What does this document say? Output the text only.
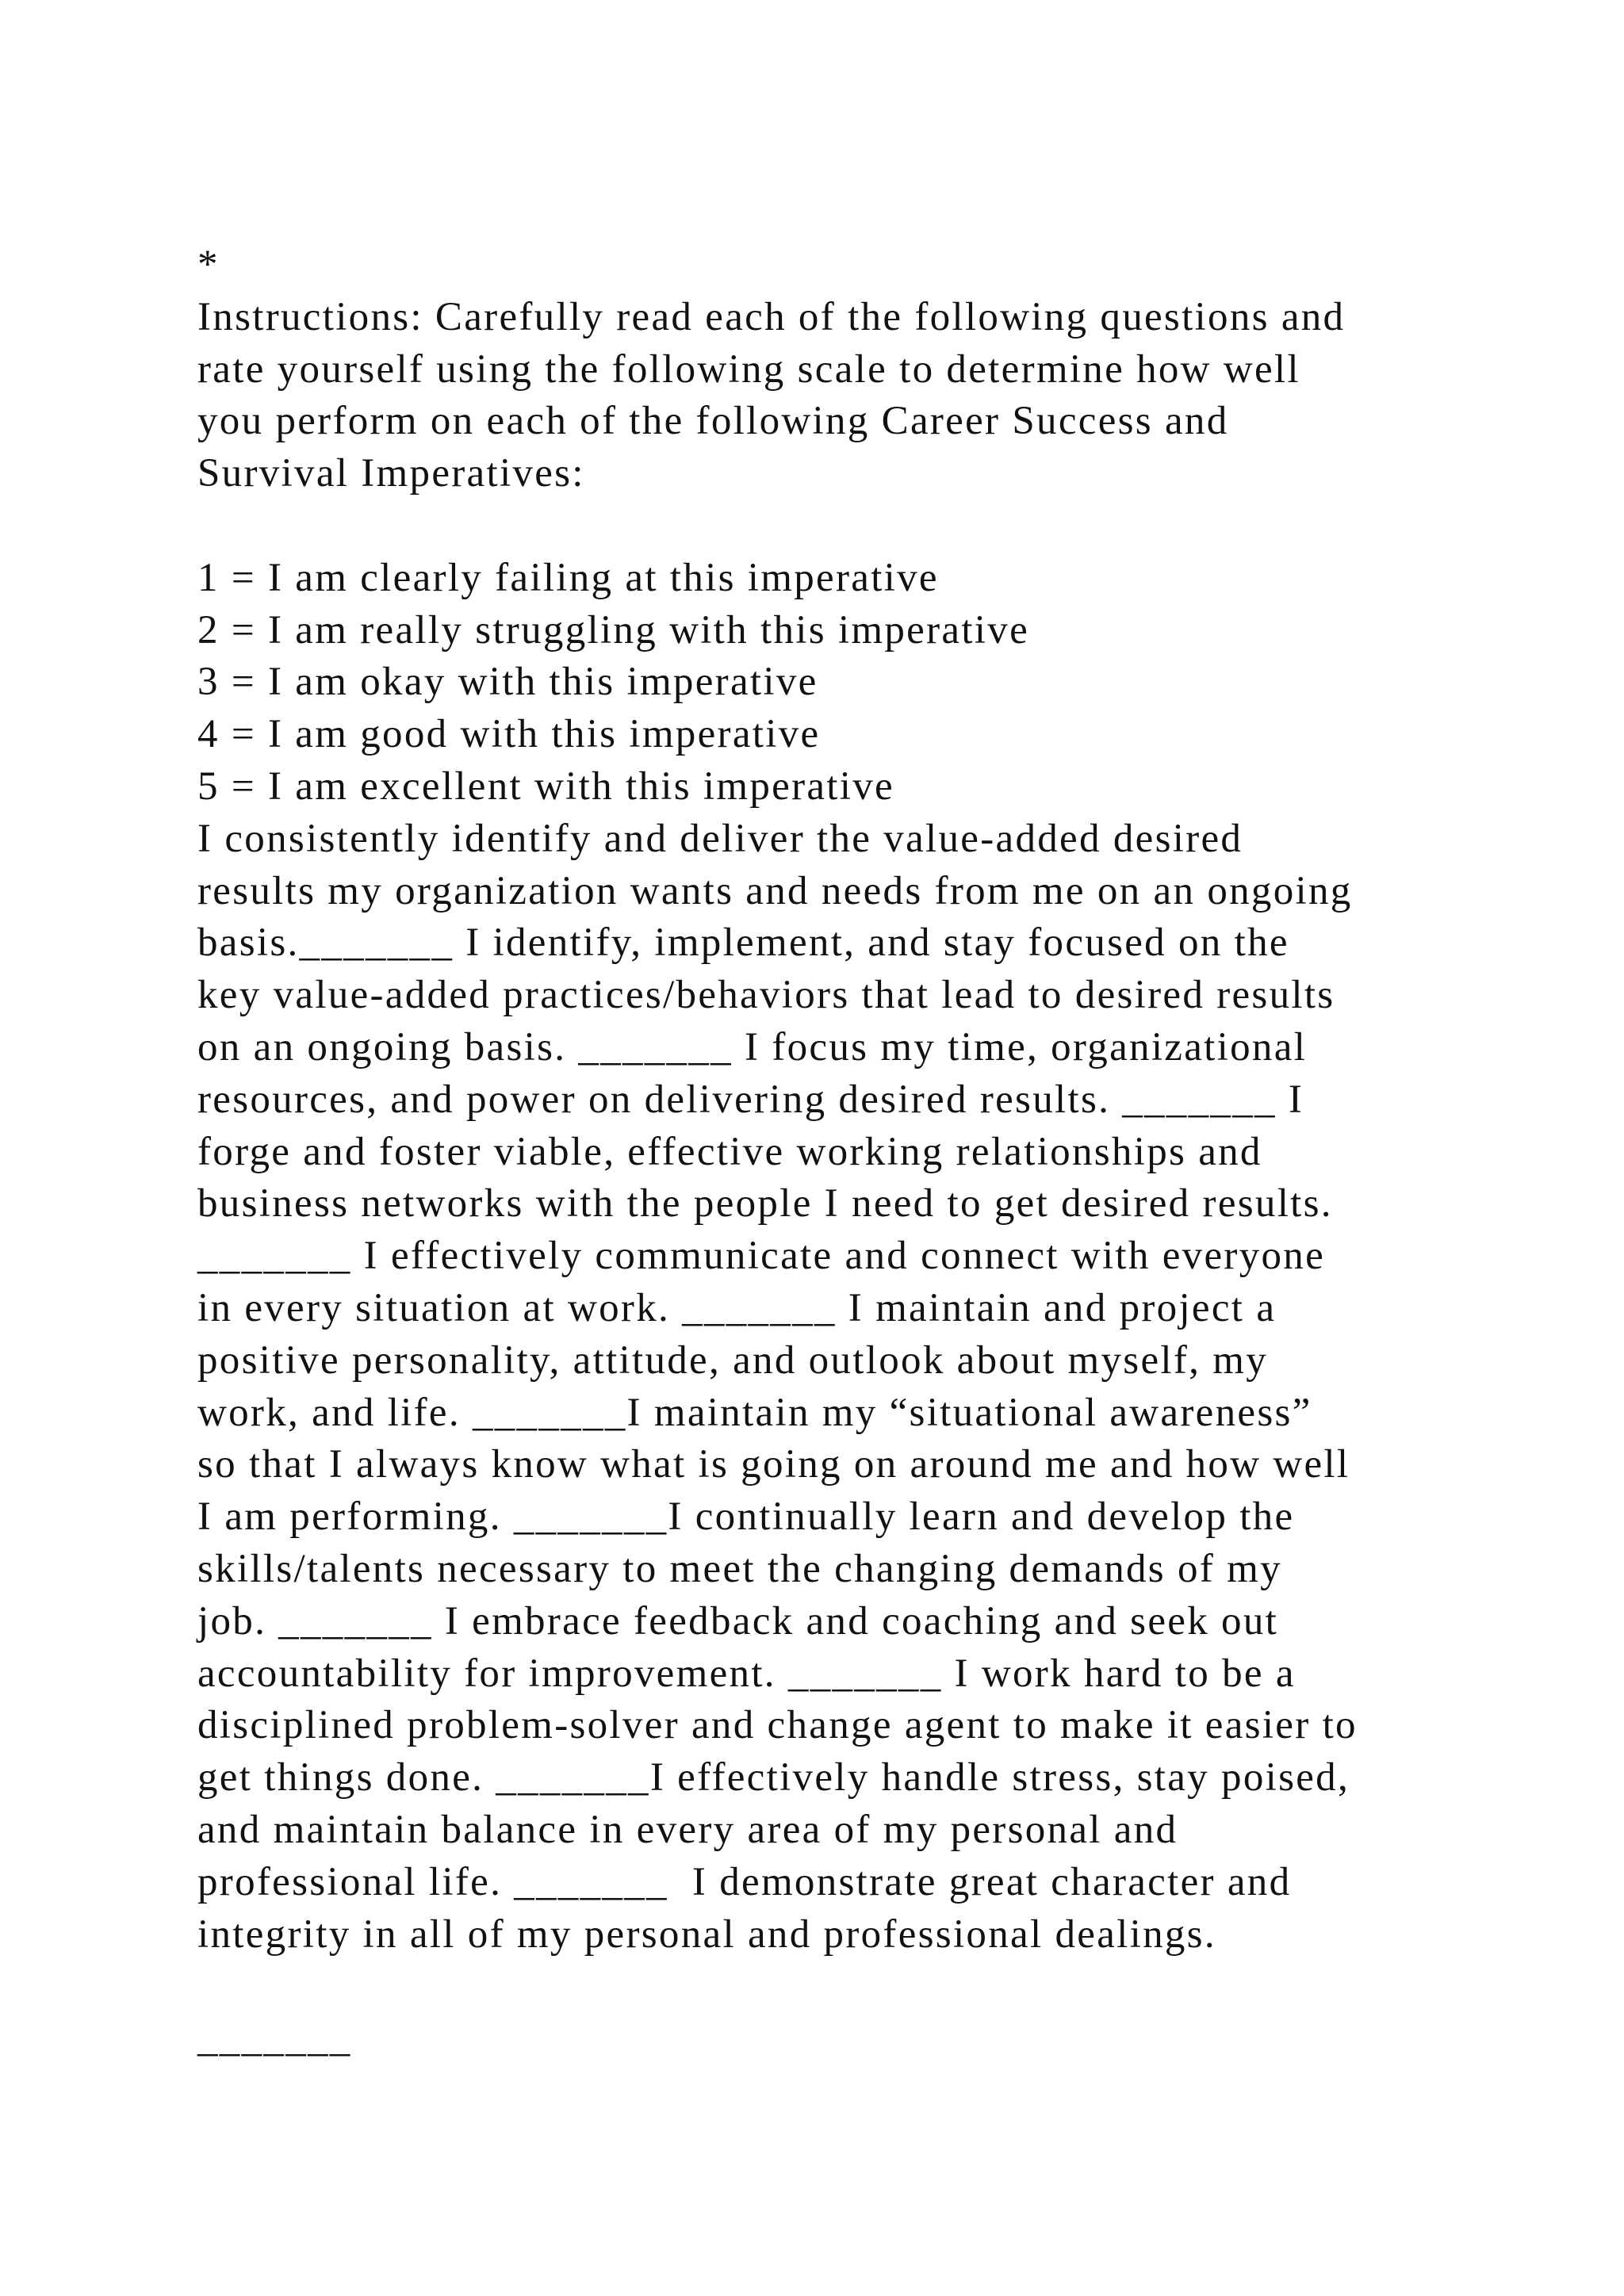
*
Instructions: Carefully read each of the following questions and
rate yourself using the following scale to determine how well
you perform on each of the following Career Success and
Survival Imperatives:
1 = I am clearly failing at this imperative
2 = I am really struggling with this imperative
3 = I am okay with this imperative
4 = I am good with this imperative
5 = I am excellent with this imperative
I consistently identify and deliver the value-added desired
results my organization wants and needs from me on an ongoing
basis._______ I identify, implement, and stay focused on the
key value-added practices/behaviors that lead to desired results
on an ongoing basis. _______ I focus my time, organizational
resources, and power on delivering desired results. _______ I
forge and foster viable, effective working relationships and
business networks with the people I need to get desired results.
_______ I effectively communicate and connect with everyone
in every situation at work. _______ I maintain and project a
positive personality, attitude, and outlook about myself, my
work, and life. _______I maintain my “situational awareness”
so that I always know what is going on around me and how well
I am performing. _______I continually learn and develop the
skills/talents necessary to meet the changing demands of my
job. _______ I embrace feedback and coaching and seek out
accountability for improvement. _______ I work hard to be a
disciplined problem-solver and change agent to make it easier to
get things done. _______I effectively handle stress, stay poised,
and maintain balance in every area of my personal and
professional life. _______  I demonstrate great character and
integrity in all of my personal and professional dealings.
_______
